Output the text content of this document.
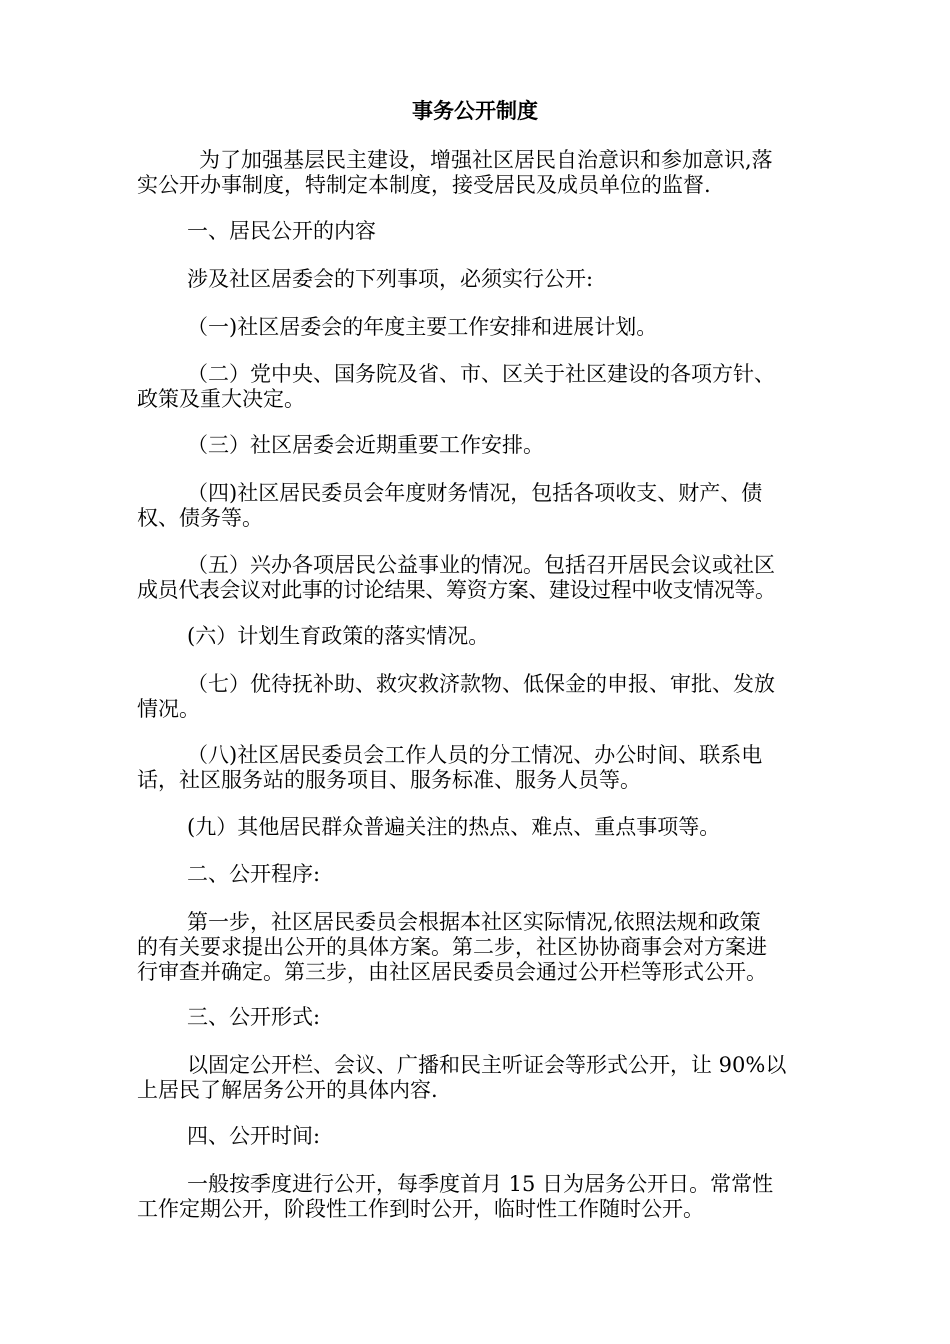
事务公开制度
为了加强基层民主建设，增强社区居民自治意识和参加意识,落
实公开办事制度，特制定本制度，接受居民及成员单位的监督.
一、居民公开的内容
涉及社区居委会的下列事项，必须实行公开:
（一)社区居委会的年度主要工作安排和进展计划。
（二）党中央、国务院及省、市、区关于社区建设的各项方针、
政策及重大决定。
（三）社区居委会近期重要工作安排。
（四)社区居民委员会年度财务情况，包括各项收支、财产、债
权、债务等。
（五）兴办各项居民公益事业的情况。包括召开居民会议或社区
成员代表会议对此事的讨论结果、筹资方案、建设过程中收支情况等。
(六）计划生育政策的落实情况。
（七）优待抚补助、救灾救济款物、低保金的申报、审批、发放
情况。
（八)社区居民委员会工作人员的分工情况、办公时间、联系电
话，社区服务站的服务项目、服务标准、服务人员等。
(九）其他居民群众普遍关注的热点、难点、重点事项等。
二、公开程序:
第一步，社区居民委员会根据本社区实际情况,依照法规和政策
的有关要求提出公开的具体方案。第二步，社区协协商事会对方案进
行审查并确定。第三步，由社区居民委员会通过公开栏等形式公开。
三、公开形式:
以固定公开栏、会议、广播和民主听证会等形式公开，让 90%以
上居民了解居务公开的具体内容.
四、公开时间:
一般按季度进行公开，每季度首月 15 日为居务公开日。常常性
工作定期公开，阶段性工作到时公开，临时性工作随时公开。
